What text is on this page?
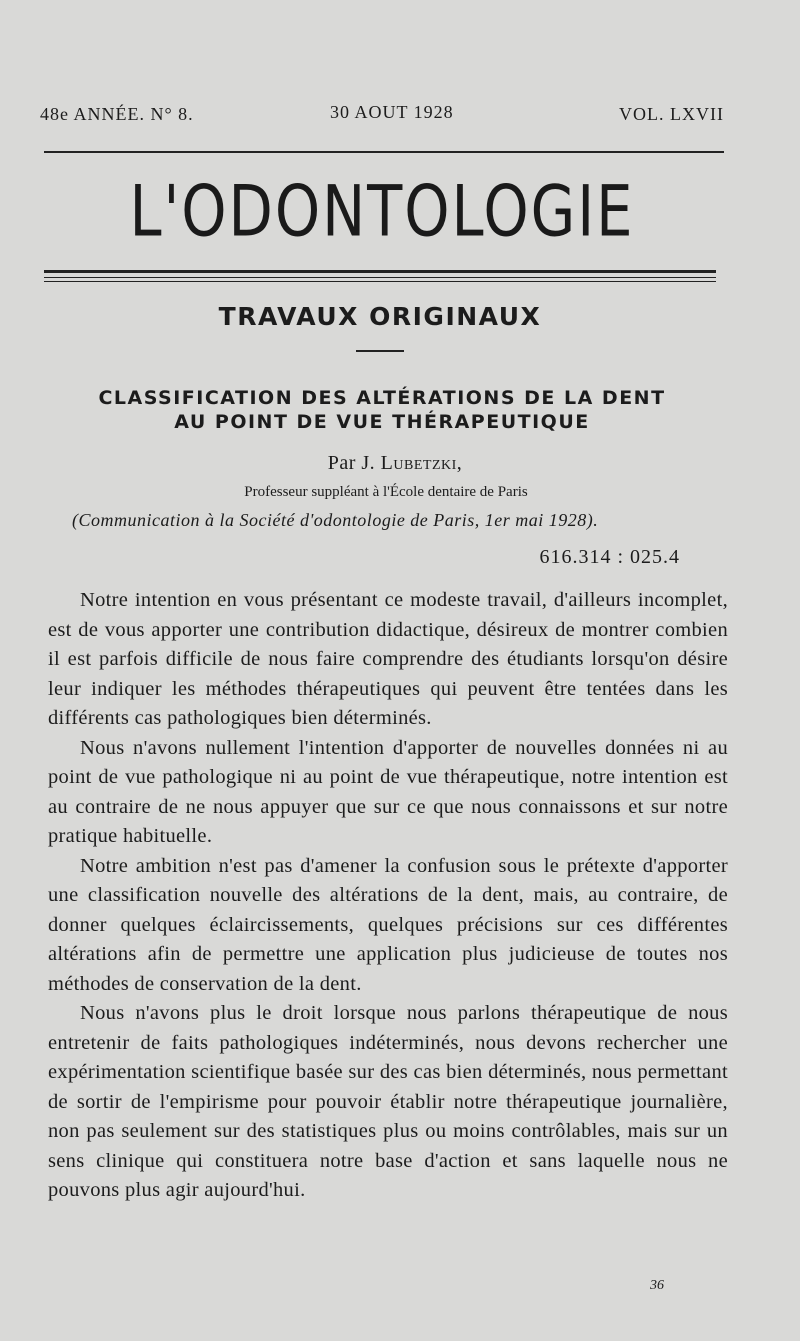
48e ANNÉE. N° 8.	30 AOUT 1928	VOL. LXVII
L'ODONTOLOGIE
TRAVAUX ORIGINAUX
CLASSIFICATION DES ALTÉRATIONS DE LA DENT
AU POINT DE VUE THÉRAPEUTIQUE
Par J. Lubetzki,
Professeur suppléant à l'École dentaire de Paris
(Communication à la Société d'odontologie de Paris, 1er mai 1928).
616.314 : 025.4

Notre intention en vous présentant ce modeste travail, d'ailleurs incomplet, est de vous apporter une contribution didactique, désireux de montrer combien il est parfois difficile de nous faire comprendre des étudiants lorsqu'on désire leur indiquer les méthodes thérapeutiques qui peuvent être tentées dans les différents cas pathologiques bien déterminés.

Nous n'avons nullement l'intention d'apporter de nouvelles données ni au point de vue pathologique ni au point de vue thérapeutique, notre intention est au contraire de ne nous appuyer que sur ce que nous connaissons et sur notre pratique habituelle.

Notre ambition n'est pas d'amener la confusion sous le prétexte d'apporter une classification nouvelle des altérations de la dent, mais, au contraire, de donner quelques éclaircissements, quelques précisions sur ces différentes altérations afin de permettre une application plus judicieuse de toutes nos méthodes de conservation de la dent.

Nous n'avons plus le droit lorsque nous parlons thérapeutique de nous entretenir de faits pathologiques indéterminés, nous devons rechercher une expérimentation scientifique basée sur des cas bien déterminés, nous permettant de sortir de l'empirisme pour pouvoir établir notre thérapeutique journalière, non pas seulement sur des statistiques plus ou moins contrôlables, mais sur un sens clinique qui constituera notre base d'action et sans laquelle nous ne pouvons plus agir aujourd'hui.

36
